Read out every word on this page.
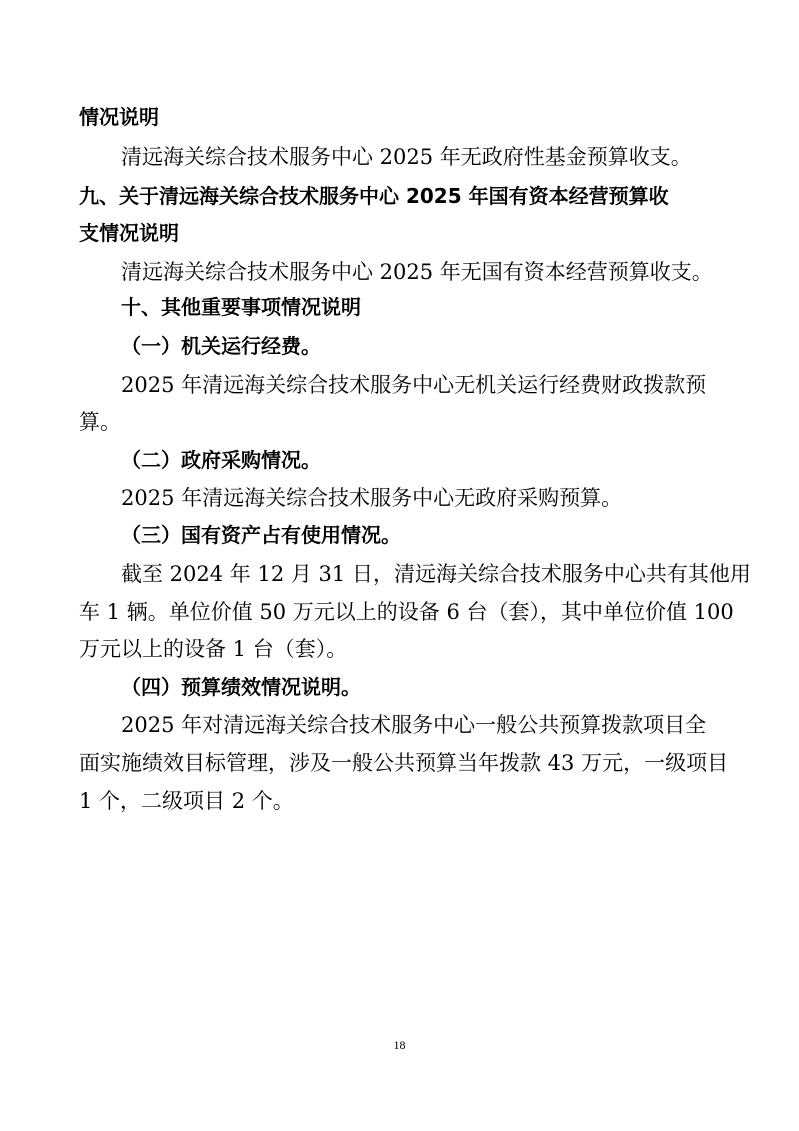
情况说明
清远海关综合技术服务中心 2025 年无政府性基金预算收支。
九、关于清远海关综合技术服务中心 2025 年国有资本经营预算收
支情况说明
清远海关综合技术服务中心 2025 年无国有资本经营预算收支。
十、其他重要事项情况说明
（一）机关运行经费。
2025 年清远海关综合技术服务中心无机关运行经费财政拨款预
算。
（二）政府采购情况。
2025 年清远海关综合技术服务中心无政府采购预算。
（三）国有资产占有使用情况。
截至 2024 年 12 月 31 日，清远海关综合技术服务中心共有其他用
车 1 辆。单位价值 50 万元以上的设备 6 台（套），其中单位价值 100
万元以上的设备 1 台（套）。
（四）预算绩效情况说明。
2025 年对清远海关综合技术服务中心一般公共预算拨款项目全
面实施绩效目标管理，涉及一般公共预算当年拨款 43 万元，一级项目
1 个，二级项目 2 个。
18
